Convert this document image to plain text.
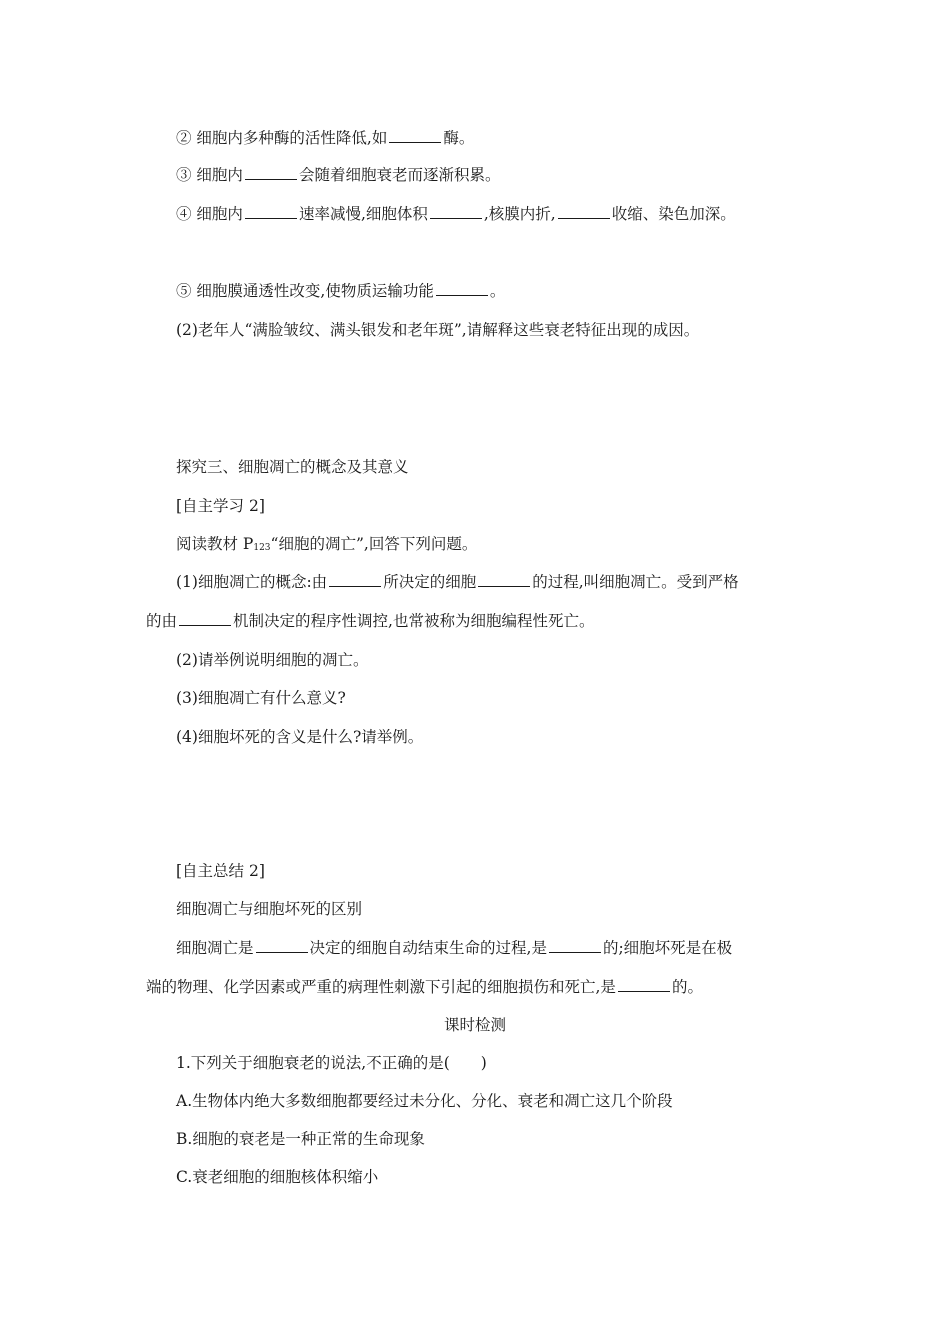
② 细胞内多种酶的活性降低,如	酶。
③ 细胞内	会随着细胞衰老而逐渐积累。
④ 细胞内	速率减慢,细胞体积	,核膜内折,	收缩、染色加深。
⑤ 细胞膜通透性改变,使物质运输功能	。
(2)老年人“满脸皱纹、满头银发和老年斑”,请解释这些衰老特征出现的成因。
探究三、细胞凋亡的概念及其意义
[自主学习 2]
阅读教材 $P_{123}“$细胞的凋亡”,回答下列问题。
(1)细胞凋亡的概念:由	所决定的细胞	的过程,叫细胞凋亡。受到严格
的由	机制决定的程序性调控,也常被称为细胞编程性死亡。
(2)请举例说明细胞的凋亡。
(3)细胞凋亡有什么意义?
(4)细胞坏死的含义是什么?请举例。
[自主总结 2]
细胞凋亡与细胞坏死的区别
细胞凋亡是	决定的细胞自动结束生命的过程,是	的;细胞坏死是在极
端的物理、化学因素或严重的病理性刺激下引起的细胞损伤和死亡,是	的。
课时检测
1.下列关于细胞衰老的说法,不正确的是(　　)
A.生物体内绝大多数细胞都要经过未分化、分化、衰老和凋亡这几个阶段
B.细胞的衰老是一种正常的生命现象
C.衰老细胞的细胞核体积缩小
